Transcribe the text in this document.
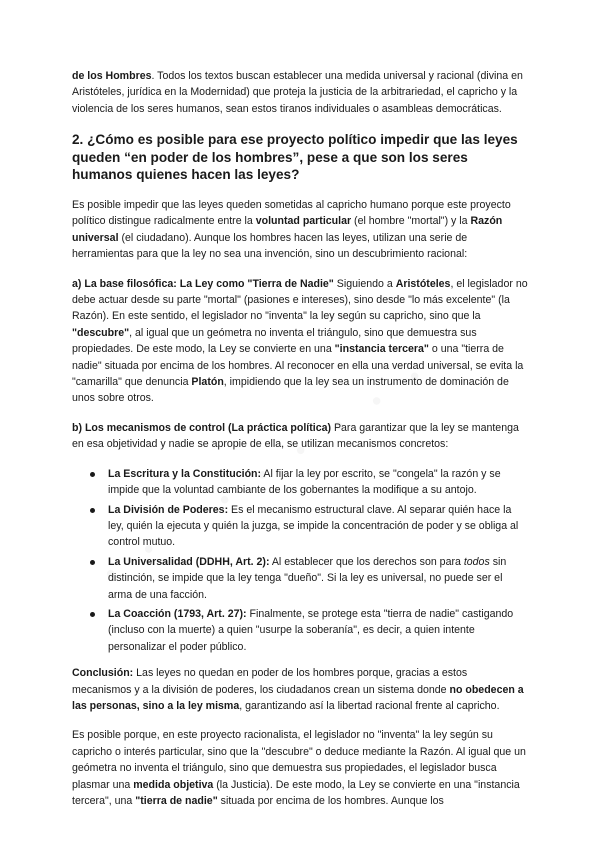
de los Hombres. Todos los textos buscan establecer una medida universal y racional (divina en Aristóteles, jurídica en la Modernidad) que proteja la justicia de la arbitrariedad, el capricho y la violencia de los seres humanos, sean estos tiranos individuales o asambleas democráticas.

2. ¿Cómo es posible para ese proyecto político impedir que las leyes queden “en poder de los hombres”, pese a que son los seres humanos quienes hacen las leyes?

Es posible impedir que las leyes queden sometidas al capricho humano porque este proyecto político distingue radicalmente entre la voluntad particular (el hombre "mortal") y la Razón universal (el ciudadano). Aunque los hombres hacen las leyes, utilizan una serie de herramientas para que la ley no sea una invención, sino un descubrimiento racional:

a) La base filosófica: La Ley como "Tierra de Nadie" Siguiendo a Aristóteles, el legislador no debe actuar desde su parte "mortal" (pasiones e intereses), sino desde "lo más excelente" (la Razón). En este sentido, el legislador no "inventa" la ley según su capricho, sino que la "descubre", al igual que un geómetra no inventa el triángulo, sino que demuestra sus propiedades. De este modo, la Ley se convierte en una "instancia tercera" o una "tierra de nadie" situada por encima de los hombres. Al reconocer en ella una verdad universal, se evita la "camarilla" que denuncia Platón, impidiendo que la ley sea un instrumento de dominación de unos sobre otros.

b) Los mecanismos de control (La práctica política) Para garantizar que la ley se mantenga en esa objetividad y nadie se apropie de ella, se utilizan mecanismos concretos:

La Escritura y la Constitución: Al fijar la ley por escrito, se "congela" la razón y se impide que la voluntad cambiante de los gobernantes la modifique a su antojo.
La División de Poderes: Es el mecanismo estructural clave. Al separar quién hace la ley, quién la ejecuta y quién la juzga, se impide la concentración de poder y se obliga al control mutuo.
La Universalidad (DDHH, Art. 2): Al establecer que los derechos son para todos sin distinción, se impide que la ley tenga "dueño". Si la ley es universal, no puede ser el arma de una facción.
La Coacción (1793, Art. 27): Finalmente, se protege esta "tierra de nadie" castigando (incluso con la muerte) a quien "usurpe la soberanía", es decir, a quien intente personalizar el poder público.

Conclusión: Las leyes no quedan en poder de los hombres porque, gracias a estos mecanismos y a la división de poderes, los ciudadanos crean un sistema donde no obedecen a las personas, sino a la ley misma, garantizando así la libertad racional frente al capricho.

Es posible porque, en este proyecto racionalista, el legislador no "inventa" la ley según su capricho o interés particular, sino que la "descubre" o deduce mediante la Razón. Al igual que un geómetra no inventa el triángulo, sino que demuestra sus propiedades, el legislador busca plasmar una medida objetiva (la Justicia). De este modo, la Ley se convierte en una "instancia tercera", una "tierra de nadie" situada por encima de los hombres. Aunque los
